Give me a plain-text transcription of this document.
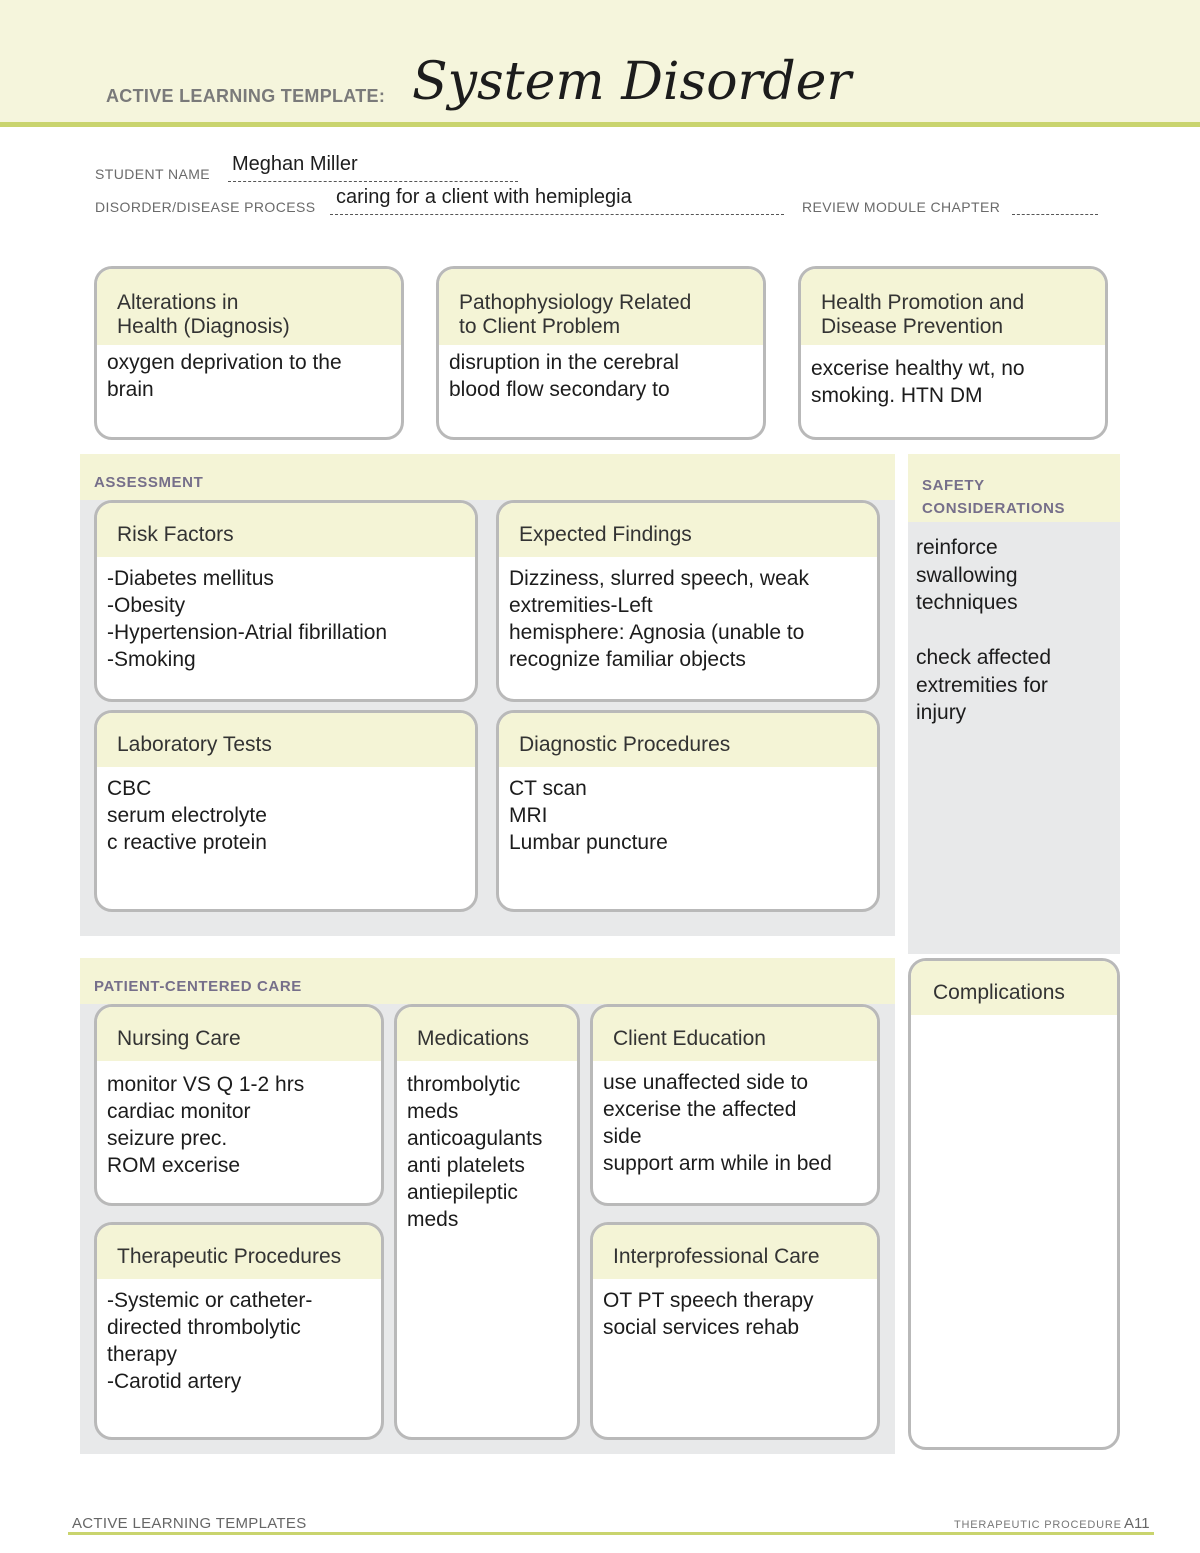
ACTIVE LEARNING TEMPLATE: System Disorder
STUDENT NAME Meghan Miller
DISORDER/DISEASE PROCESS caring for a client with hemiplegia	REVIEW MODULE CHAPTER
Alterations in
Health (Diagnosis)
oxygen deprivation to the
brain
Pathophysiology Related
to Client Problem
disruption in the cerebral
blood flow secondary to
Health Promotion and
Disease Prevention
excerise healthy wt, no
smoking. HTN DM
ASSESSMENT
Risk Factors
-Diabetes mellitus
-Obesity
-Hypertension-Atrial fibrillation
-Smoking
Expected Findings
Dizziness, slurred speech, weak
extremities-Left
hemisphere: Agnosia (unable to
recognize familiar objects
Laboratory Tests
CBC
serum electrolyte
c reactive protein
Diagnostic Procedures
CT scan
MRI
Lumbar puncture
SAFETY
CONSIDERATIONS
reinforce
swallowing
techniques

check affected
extremities for
injury
PATIENT-CENTERED CARE
Nursing Care
monitor VS Q 1-2 hrs
cardiac monitor
seizure prec.
ROM excerise
Medications
thrombolytic
meds
anticoagulants
anti platelets
antiepileptic
meds
Client Education
use unaffected side to
excerise the affected
side
support arm while in bed
Therapeutic Procedures
-Systemic or catheter-
directed thrombolytic
therapy
-Carotid artery
Interprofessional Care
OT PT speech therapy
social services rehab
Complications
ACTIVE LEARNING TEMPLATES	THERAPEUTIC PROCEDURE A11
